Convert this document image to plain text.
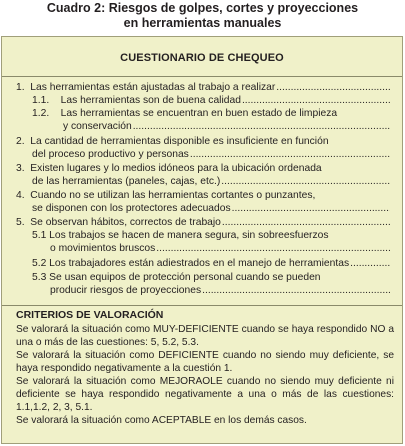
Cuadro 2: Riesgos de golpes, cortes y proyecciones
en herramientas manuales
CUESTIONARIO DE CHEQUEO
1.  Las herramientas están ajustadas al trabajo a realizar
.....
1.1.    Las herramientas son de buena calidad
.....
1.2.    Las herramientas se encuentran en buen estado de limpieza
y conservación
.....
2.  La cantidad de herramientas disponible es insuficiente en función
del proceso productivo y personas
.....
3.  Existen lugares y lo medios idóneos para la ubicación ordenada
de las herramientas (paneles, cajas, etc.)
.....
4.  Cuando no se utilizan las herramientas cortantes o punzantes,
se disponen con los protectores adecuados
.....
5.  Se observan hábitos, correctos de trabajo
.....
5.1 Los trabajos se hacen de manera segura, sin sobreesfuerzos
o movimientos bruscos
.....
5.2 Los trabajadores están adiestrados en el manejo de herramientas
.....
5.3 Se usan equipos de protección personal cuando se pueden
producir riesgos de proyecciones
.....
CRITERIOS DE VALORACIÓN
Se valorará la situación como MUY-DEFICIENTE cuando se haya respondido NO a una o más de las cuestiones: 5, 5.2, 5.3.
Se valorará la situación como DEFICIENTE cuando no siendo muy deficiente, se haya respondido negativamente a la cuestión 1.
Se valorará la situación como MEJORAOLE cuando no siendo muy deficiente ni deficiente se haya respondido negativamente a una o más de las cuestiones: 1.1,1.2, 2, 3, 5.1.
Se valorará la situación como ACEPTABLE en los demás casos.
